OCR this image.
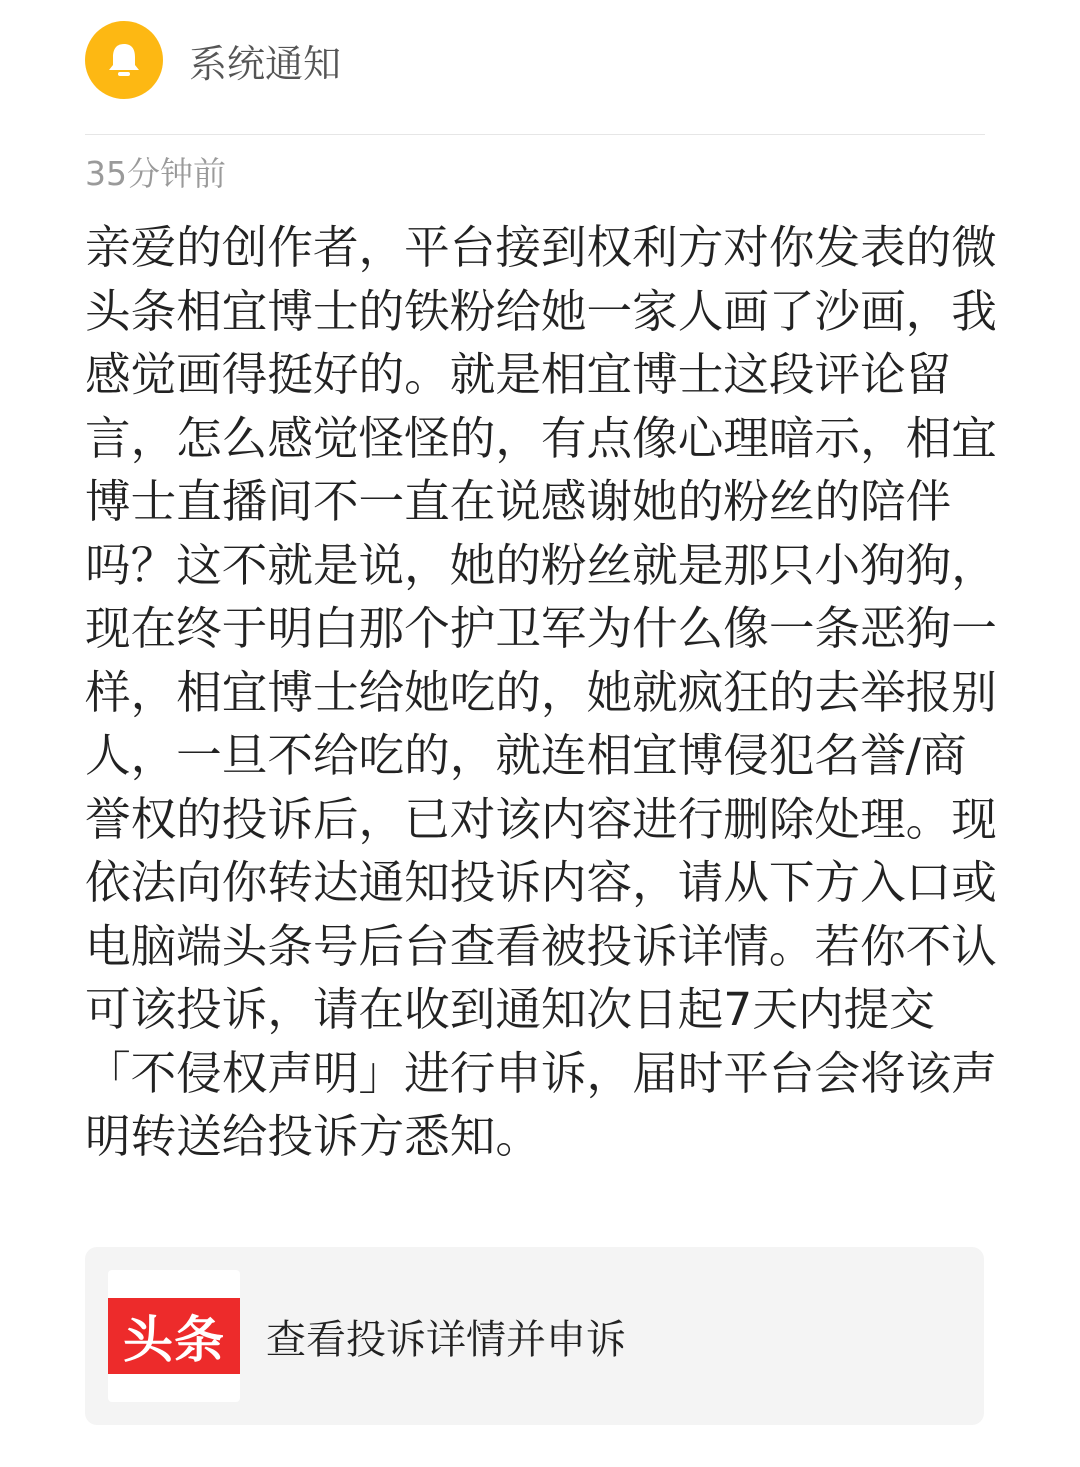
系统通知
35分钟前

亲爱的创作者，平台接到权利方对你发表的微头条相宜博士的铁粉给她一家人画了沙画，我感觉画得挺好的。就是相宜博士这段评论留言，怎么感觉怪怪的，有点像心理暗示，相宜博士直播间不一直在说感谢她的粉丝的陪伴吗？这不就是说，她的粉丝就是那只小狗狗，现在终于明白那个护卫军为什么像一条恶狗一样，相宜博士给她吃的，她就疯狂的去举报别人，一旦不给吃的，就连相宜博侵犯名誉/商誉权的投诉后，已对该内容进行删除处理。现依法向你转达通知投诉内容，请从下方入口或电脑端头条号后台查看被投诉详情。若你不认可该投诉，请在收到通知次日起7天内提交「不侵权声明」进行申诉，届时平台会将该声明转送给投诉方悉知。

头条	查看投诉详情并申诉
